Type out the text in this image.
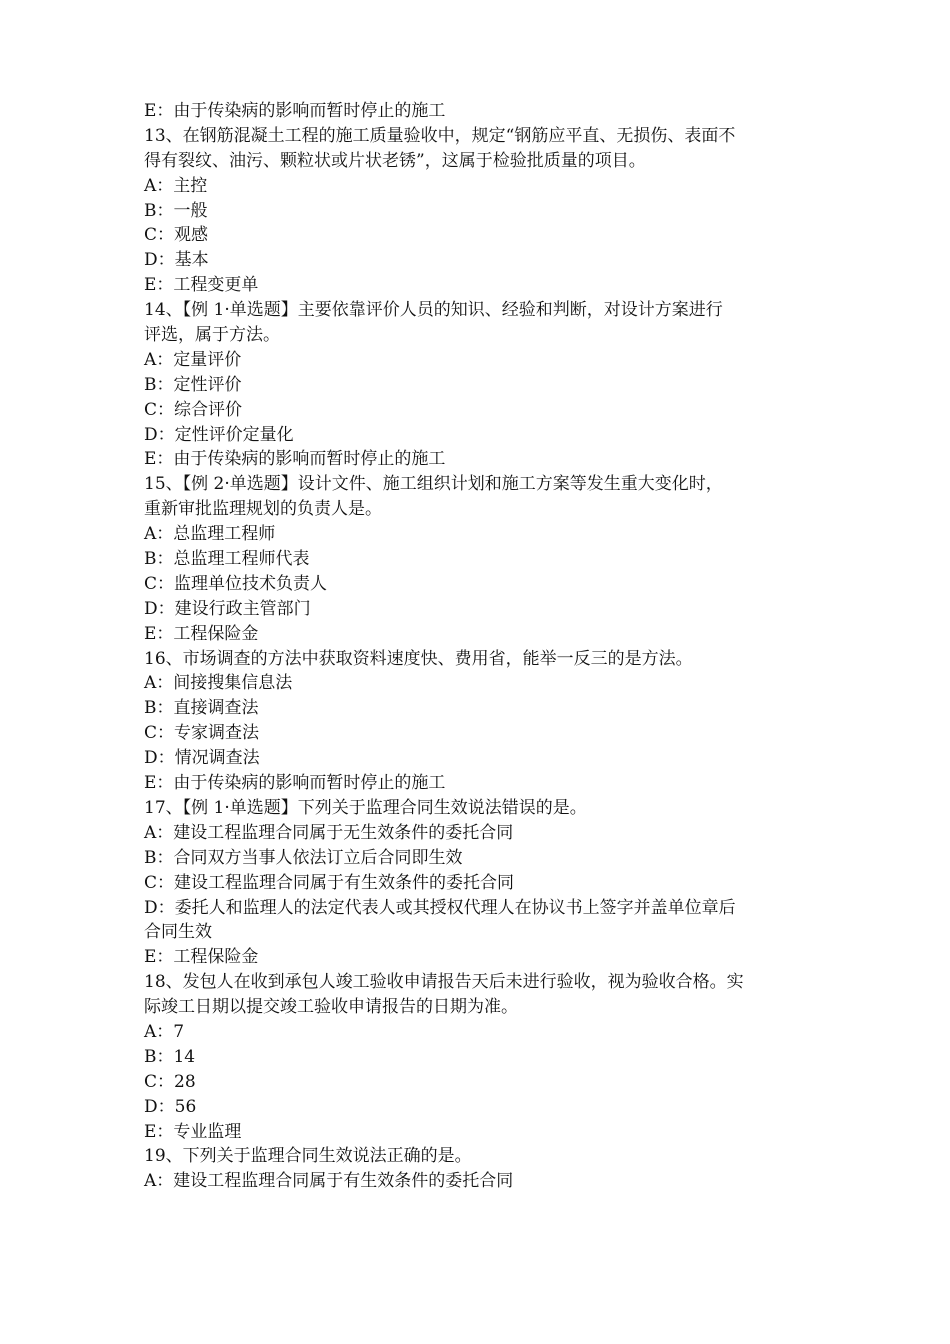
E：由于传染病的影响而暂时停止的施工
13、在钢筋混凝土工程的施工质量验收中，规定“钢筋应平直、无损伤、表面不
得有裂纹、油污、颗粒状或片状老锈”，这属于检验批质量的项目。
A：主控
B：一般
C：观感
D：基本
E：工程变更单
14、【例 1·单选题】主要依靠评价人员的知识、经验和判断，对设计方案进行
评选，属于方法。
A：定量评价
B：定性评价
C：综合评价
D：定性评价定量化
E：由于传染病的影响而暂时停止的施工
15、【例 2·单选题】设计文件、施工组织计划和施工方案等发生重大变化时，
重新审批监理规划的负责人是。
A：总监理工程师
B：总监理工程师代表
C：监理单位技术负责人
D：建设行政主管部门
E：工程保险金
16、市场调查的方法中获取资料速度快、费用省，能举一反三的是方法。
A：间接搜集信息法
B：直接调查法
C：专家调查法
D：情况调查法
E：由于传染病的影响而暂时停止的施工
17、【例 1·单选题】下列关于监理合同生效说法错误的是。
A：建设工程监理合同属于无生效条件的委托合同
B：合同双方当事人依法订立后合同即生效
C：建设工程监理合同属于有生效条件的委托合同
D：委托人和监理人的法定代表人或其授权代理人在协议书上签字并盖单位章后
合同生效
E：工程保险金
18、发包人在收到承包人竣工验收申请报告天后未进行验收，视为验收合格。实
际竣工日期以提交竣工验收申请报告的日期为准。
A：7
B：14
C：28
D：56
E：专业监理
19、下列关于监理合同生效说法正确的是。
A：建设工程监理合同属于有生效条件的委托合同
